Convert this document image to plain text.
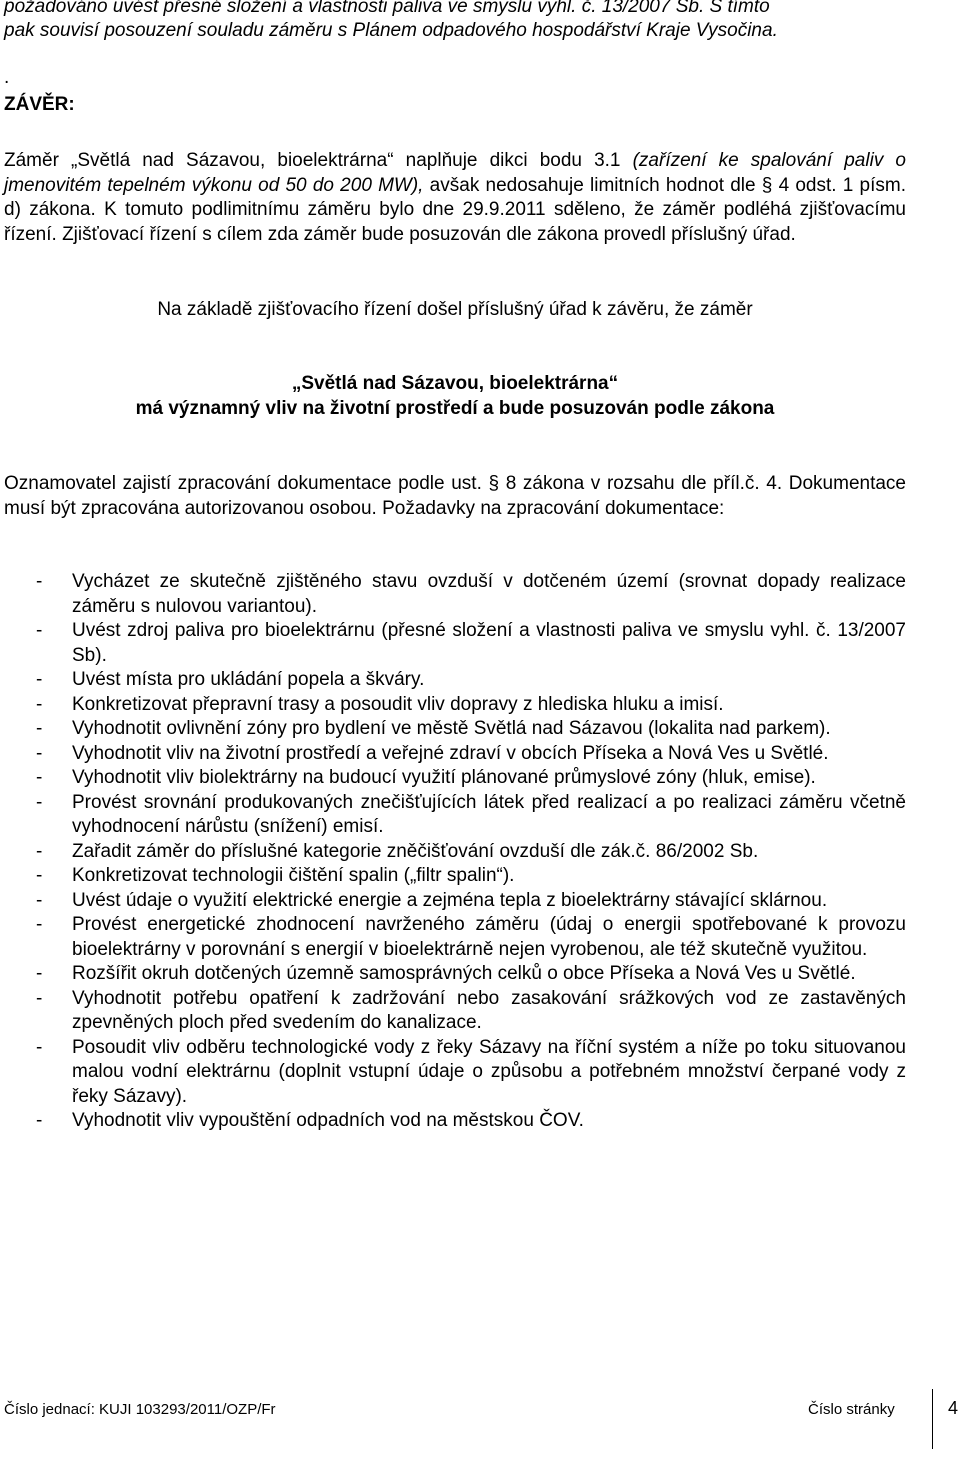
požadováno uvést přesné složení a vlastnosti paliva ve smyslu vyhl. č. 13/2007 Sb. S tímto

pak souvisí posouzení souladu záměru s Plánem odpadového hospodářství Kraje Vysočina.

.

ZÁVĚR:

Záměr „Světlá nad Sázavou, bioelektrárna“ naplňuje dikci bodu 3.1 (zařízení ke spalování paliv o jmenovitém tepelném výkonu od 50 do 200 MW), avšak nedosahuje limitních hodnot dle § 4 odst. 1 písm. d) zákona. K tomuto podlimitnímu záměru bylo dne 29.9.2011 sděleno, že záměr podléhá zjišťovacímu řízení. Zjišťovací řízení s cílem zda záměr bude posuzován dle zákona provedl příslušný úřad.

Na základě zjišťovacího řízení došel příslušný úřad k závěru, že záměr

„Světlá nad Sázavou, bioelektrárna“

má významný vliv na životní prostředí a bude posuzován podle zákona

Oznamovatel zajistí zpracování dokumentace podle ust. § 8 zákona v rozsahu dle příl.č. 4. Dokumentace musí být zpracována autorizovanou osobou. Požadavky na zpracování dokumentace:

- Vycházet ze skutečně zjištěného stavu ovzduší v dotčeném území (srovnat dopady realizace záměru s nulovou variantou).
- Uvést zdroj paliva pro bioelektrárnu (přesné složení a vlastnosti paliva ve smyslu vyhl. č. 13/2007 Sb).
- Uvést místa pro ukládání popela a škváry.
- Konkretizovat přepravní trasy a posoudit vliv dopravy z hlediska hluku a imisí.
- Vyhodnotit ovlivnění zóny pro bydlení ve městě Světlá nad Sázavou (lokalita nad parkem).
- Vyhodnotit vliv na životní prostředí a veřejné zdraví v obcích Příseka a Nová Ves u Světlé.
- Vyhodnotit vliv biolektrárny na budoucí využití plánované průmyslové zóny (hluk, emise).
- Provést srovnání produkovaných znečišťujících látek před realizací a po realizaci záměru včetně vyhodnocení nárůstu (snížení) emisí.
- Zařadit záměr do příslušné kategorie zněčišťování ovzduší dle zák.č. 86/2002 Sb.
- Konkretizovat technologii čištění spalin („filtr spalin“).
- Uvést údaje o využití elektrické energie a zejména tepla z bioelektrárny stávající sklárnou.
- Provést energetické zhodnocení navrženého záměru (údaj o energii spotřebované k provozu bioelektrárny v porovnání s energií v bioelektrárně nejen vyrobenou, ale též skutečně využitou.
- Rozšířit okruh dotčených územně samosprávných celků o obce Příseka a Nová Ves u Světlé.
- Vyhodnotit potřebu opatření k zadržování nebo zasakování srážkových vod ze zastavěných zpevněných ploch před svedením do kanalizace.
- Posoudit vliv odběru technologické vody z řeky Sázavy na říční systém a níže po toku situovanou malou vodní elektrárnu (doplnit vstupní údaje o způsobu a potřebném množství čerpané vody z řeky Sázavy).
- Vyhodnotit vliv vypouštění odpadních vod na městskou ČOV.
Číslo jednací: KUJI 103293/2011/OZP/Fr	Číslo stránky	4
